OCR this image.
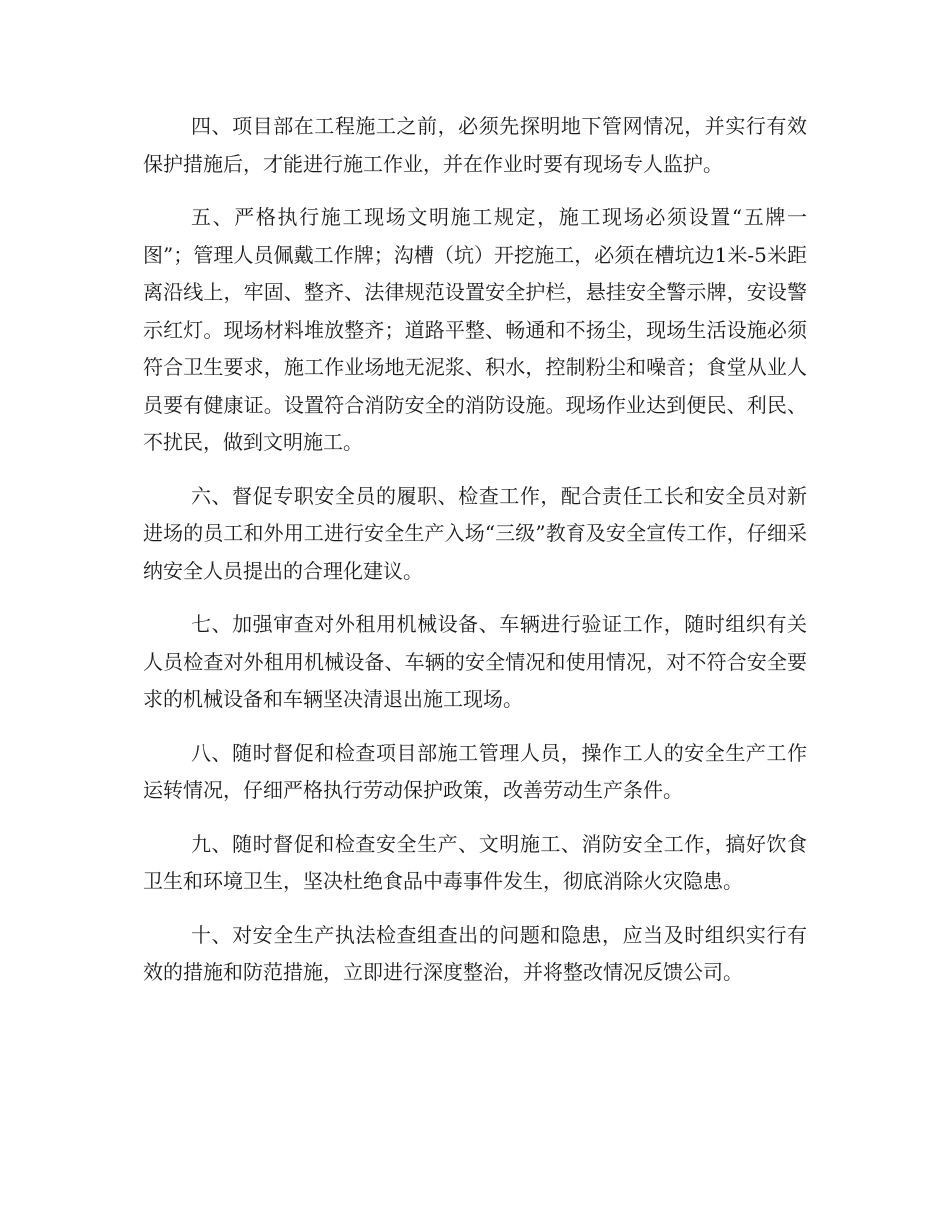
四、项目部在工程施工之前，必须先探明地下管网情况，并实行有效保护措施后，才能进行施工作业，并在作业时要有现场专人监护。

五、严格执行施工现场文明施工规定，施工现场必须设置“五牌一图”；管理人员佩戴工作牌；沟槽（坑）开挖施工，必须在槽坑边1米-5米距离沿线上，牢固、整齐、法律规范设置安全护栏，悬挂安全警示牌，安设警示红灯。现场材料堆放整齐；道路平整、畅通和不扬尘，现场生活设施必须符合卫生要求，施工作业场地无泥浆、积水，控制粉尘和噪音；食堂从业人员要有健康证。设置符合消防安全的消防设施。现场作业达到便民、利民、不扰民，做到文明施工。

六、督促专职安全员的履职、检查工作，配合责任工长和安全员对新进场的员工和外用工进行安全生产入场“三级”教育及安全宣传工作，仔细采纳安全人员提出的合理化建议。

七、加强审查对外租用机械设备、车辆进行验证工作，随时组织有关人员检查对外租用机械设备、车辆的安全情况和使用情况，对不符合安全要求的机械设备和车辆坚决清退出施工现场。

八、随时督促和检查项目部施工管理人员，操作工人的安全生产工作运转情况，仔细严格执行劳动保护政策，改善劳动生产条件。

九、随时督促和检查安全生产、文明施工、消防安全工作，搞好饮食卫生和环境卫生，坚决杜绝食品中毒事件发生，彻底消除火灾隐患。

十、对安全生产执法检查组查出的问题和隐患，应当及时组织实行有效的措施和防范措施，立即进行深度整治，并将整改情况反馈公司。
